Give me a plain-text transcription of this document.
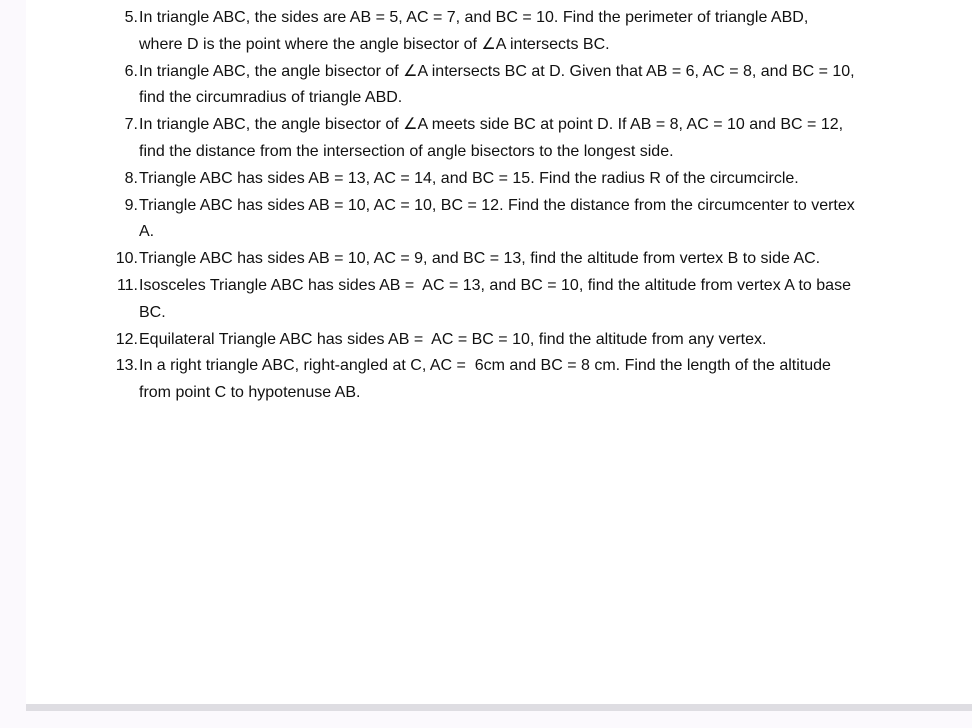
5. In triangle ABC, the sides are AB = 5, AC = 7, and BC = 10. Find the perimeter of triangle ABD,
where D is the point where the angle bisector of ∠A intersects BC.
6. In triangle ABC, the angle bisector of ∠A intersects BC at D. Given that AB = 6, AC = 8, and BC = 10,
find the circumradius of triangle ABD.
7. In triangle ABC, the angle bisector of ∠A meets side BC at point D. If AB = 8, AC = 10 and BC = 12,
find the distance from the intersection of angle bisectors to the longest side.
8. Triangle ABC has sides AB = 13, AC = 14, and BC = 15. Find the radius R of the circumcircle.
9. Triangle ABC has sides AB = 10, AC = 10, BC = 12. Find the distance from the circumcenter to vertex
A.
10. Triangle ABC has sides AB = 10, AC = 9, and BC = 13, find the altitude from vertex B to side AC.
11. Isosceles Triangle ABC has sides AB =  AC = 13, and BC = 10, find the altitude from vertex A to base
BC.
12. Equilateral Triangle ABC has sides AB =  AC = BC = 10, find the altitude from any vertex.
13. In a right triangle ABC, right-angled at C, AC =  6cm and BC = 8 cm. Find the length of the altitude
from point C to hypotenuse AB.
